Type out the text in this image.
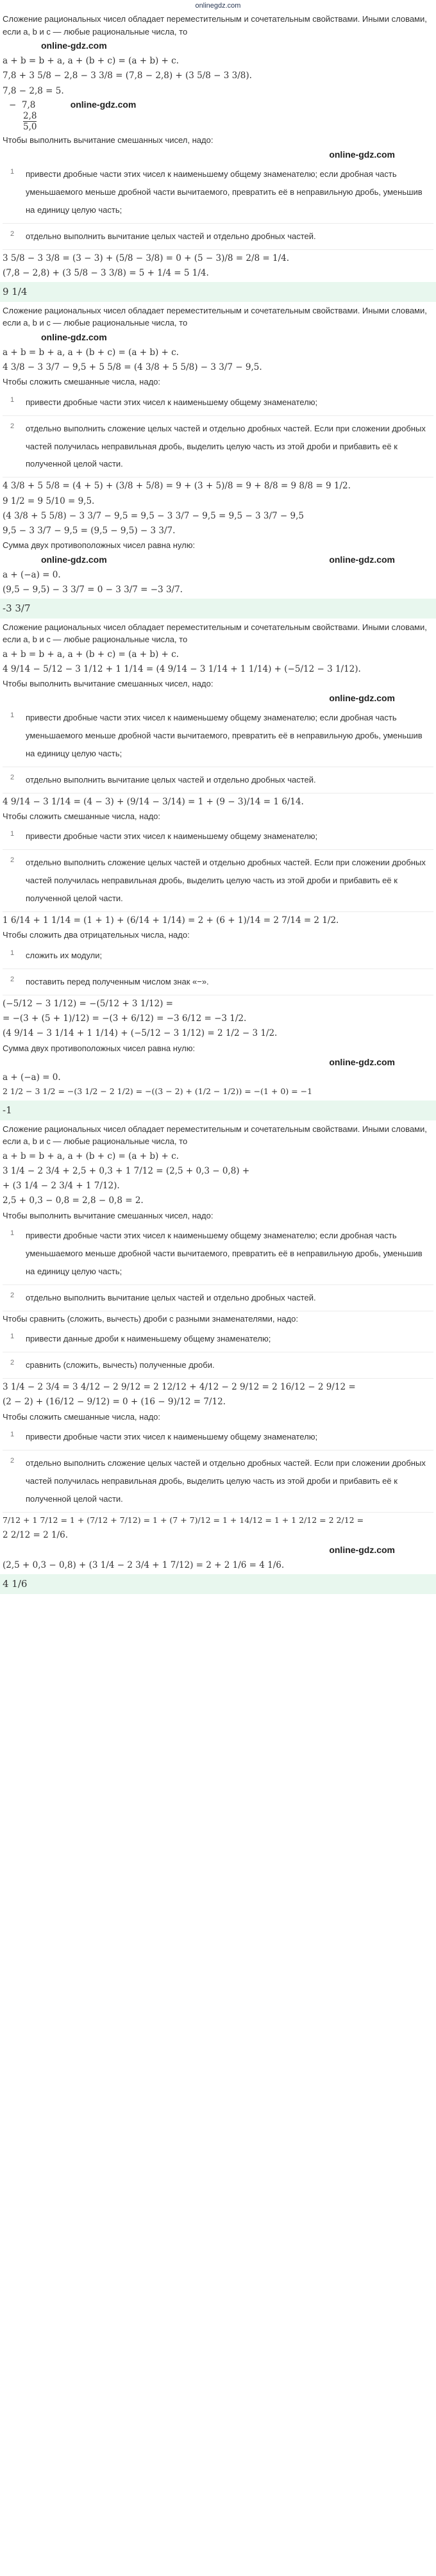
onlinegdz.com
Сложение рациональных чисел обладает переместительным и сочетательным свойствами. Иными словами, если a, b и c — любые рациональные числа, то
online-gdz.com
a + b = b + a, a + (b + c) = (a + b) + c.
7,8 + 3 5/8 − 2,8 − 3 3/8 = (7,8 − 2,8) + (3 5/8 − 3 3/8).
7,8 − 2,8 = 5.
− 7,8	online-gdz.com
2,8
5,0
Чтобы выполнить вычитание смешанных чисел, надо:
online-gdz.com
1	привести дробные части этих чисел к наименьшему общему знаменателю; если дробная часть уменьшаемого меньше дробной части вычитаемого, превратить её в неправильную дробь, уменьшив на единицу целую часть;
2	отдельно выполнить вычитание целых частей и отдельно дробных частей.
3 5/8 − 3 3/8 = (3 − 3) + (5/8 − 3/8) = 0 + (5 − 3)/8 = 2/8 = 1/4.
(7,8 − 2,8) + (3 5/8 − 3 3/8) = 5 + 1/4 = 5 1/4.
9 1/4
Сложение рациональных чисел обладает переместительным и сочетательным свойствами. Иными словами, если a, b и c — любые рациональные числа, то
online-gdz.com
a + b = b + a, a + (b + c) = (a + b) + c.
4 3/8 − 3 3/7 − 9,5 + 5 5/8 = (4 3/8 + 5 5/8) − 3 3/7 − 9,5.
Чтобы сложить смешанные числа, надо:
1	привести дробные части этих чисел к наименьшему общему знаменателю;
2	отдельно выполнить сложение целых частей и отдельно дробных частей. Если при сложении дробных частей получилась неправильная дробь, выделить целую часть из этой дроби и прибавить её к полученной целой части.
4 3/8 + 5 5/8 = (4 + 5) + (3/8 + 5/8) = 9 + (3 + 5)/8 = 9 + 8/8 = 9 8/8 = 9 1/2.
9 1/2 = 9 5/10 = 9,5.
(4 3/8 + 5 5/8) − 3 3/7 − 9,5 = 9,5 − 3 3/7 − 9,5 = 9,5 − 3 3/7 − 9,5
9,5 − 3 3/7 − 9,5 = (9,5 − 9,5) − 3 3/7.
Сумма двух противоположных чисел равна нулю:
online-gdz.com	online-gdz.com
a + (−a) = 0.
(9,5 − 9,5) − 3 3/7 = 0 − 3 3/7 = −3 3/7.
-3 3/7
Сложение рациональных чисел обладает переместительным и сочетательным свойствами. Иными словами, если a, b и c — любые рациональные числа, то
a + b = b + a, a + (b + c) = (a + b) + c.
4 9/14 − 5/12 − 3 1/12 + 1 1/14 = (4 9/14 − 3 1/14 + 1 1/14) + (−5/12 − 3 1/12).
Чтобы выполнить вычитание смешанных чисел, надо:
online-gdz.com
1	привести дробные части этих чисел к наименьшему общему знаменателю; если дробная часть уменьшаемого меньше дробной части вычитаемого, превратить её в неправильную дробь, уменьшив на единицу целую часть;
2	отдельно выполнить вычитание целых частей и отдельно дробных частей.
4 9/14 − 3 1/14 = (4 − 3) + (9/14 − 3/14) = 1 + (9 − 3)/14 = 1 6/14.
Чтобы сложить смешанные числа, надо:
1	привести дробные части этих чисел к наименьшему общему знаменателю;
2	отдельно выполнить сложение целых частей и отдельно дробных частей. Если при сложении дробных частей получилась неправильная дробь, выделить целую часть из этой дроби и прибавить её к полученной целой части.
1 6/14 + 1 1/14 = (1 + 1) + (6/14 + 1/14) = 2 + (6 + 1)/14 = 2 7/14 = 2 1/2.
Чтобы сложить два отрицательных числа, надо:
1	сложить их модули;
2	поставить перед полученным числом знак «−».
(−5/12 − 3 1/12) = −(5/12 + 3 1/12) =
= −(3 + (5 + 1)/12) = −(3 + 6/12) = −3 6/12 = −3 1/2.
(4 9/14 − 3 1/14 + 1 1/14) + (−5/12 − 3 1/12) = 2 1/2 − 3 1/2.
Сумма двух противоположных чисел равна нулю:
online-gdz.com
a + (−a) = 0.
2 1/2 − 3 1/2 = −(3 1/2 − 2 1/2) = −((3 − 2) + (1/2 − 1/2)) = −(1 + 0) = −1
-1
Сложение рациональных чисел обладает переместительным и сочетательным свойствами. Иными словами, если a, b и c — любые рациональные числа, то
a + b = b + a, a + (b + c) = (a + b) + c.
3 1/4 − 2 3/4 + 2,5 + 0,3 + 1 7/12 = (2,5 + 0,3 − 0,8) +
+ (3 1/4 − 2 3/4 + 1 7/12).
2,5 + 0,3 − 0,8 = 2,8 − 0,8 = 2.
Чтобы выполнить вычитание смешанных чисел, надо:
1	привести дробные части этих чисел к наименьшему общему знаменателю; если дробная часть уменьшаемого меньше дробной части вычитаемого, превратить её в неправильную дробь, уменьшив на единицу целую часть;
2	отдельно выполнить вычитание целых частей и отдельно дробных частей.
Чтобы сравнить (сложить, вычесть) дроби с разными знаменателями, надо:
1	привести данные дроби к наименьшему общему знаменателю;
2	сравнить (сложить, вычесть) полученные дроби.
3 1/4 − 2 3/4 = 3 4/12 − 2 9/12 = 2 12/12 + 4/12 − 2 9/12 = 2 16/12 − 2 9/12 =
(2 − 2) + (16/12 − 9/12) = 0 + (16 − 9)/12 = 7/12.
Чтобы сложить смешанные числа, надо:
1	привести дробные части этих чисел к наименьшему общему знаменателю;
2	отдельно выполнить сложение целых частей и отдельно дробных частей. Если при сложении дробных частей получилась неправильная дробь, выделить целую часть из этой дроби и прибавить её к полученной целой части.
7/12 + 1 7/12 = 1 + (7/12 + 7/12) = 1 + (7 + 7)/12 = 1 + 14/12 = 1 + 1 2/12 = 2 2/12 =
2 2/12 = 2 1/6.
online-gdz.com
(2,5 + 0,3 − 0,8) + (3 1/4 − 2 3/4 + 1 7/12) = 2 + 2 1/6 = 4 1/6.
4 1/6
